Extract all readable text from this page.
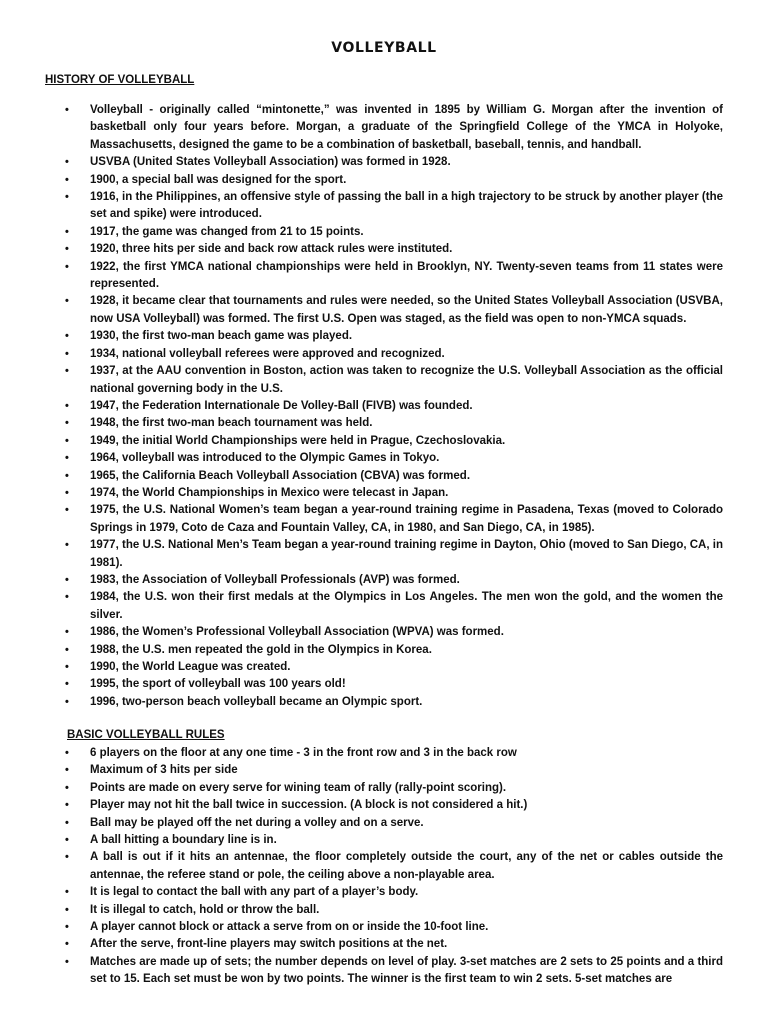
VOLLEYBALL
HISTORY OF VOLLEYBALL
• Volleyball - originally called “mintonette,” was invented in 1895 by William G. Morgan after the invention of basketball only four years before. Morgan, a graduate of the Springfield College of the YMCA in Holyoke, Massachusetts, designed the game to be a combination of basketball, baseball, tennis, and handball.
• USVBA (United States Volleyball Association) was formed in 1928.
• 1900, a special ball was designed for the sport.
• 1916, in the Philippines, an offensive style of passing the ball in a high trajectory to be struck by another player (the set and spike) were introduced.
• 1917, the game was changed from 21 to 15 points.
• 1920, three hits per side and back row attack rules were instituted.
• 1922, the first YMCA national championships were held in Brooklyn, NY. Twenty-seven teams from 11 states were represented.
• 1928, it became clear that tournaments and rules were needed, so the United States Volleyball Association (USVBA, now USA Volleyball) was formed. The first U.S. Open was staged, as the field was open to non-YMCA squads.
• 1930, the first two-man beach game was played.
• 1934, national volleyball referees were approved and recognized.
• 1937, at the AAU convention in Boston, action was taken to recognize the U.S. Volleyball Association as the official national governing body in the U.S.
• 1947, the Federation Internationale De Volley-Ball (FIVB) was founded.
• 1948, the first two-man beach tournament was held.
• 1949, the initial World Championships were held in Prague, Czechoslovakia.
• 1964, volleyball was introduced to the Olympic Games in Tokyo.
• 1965, the California Beach Volleyball Association (CBVA) was formed.
• 1974, the World Championships in Mexico were telecast in Japan.
• 1975, the U.S. National Women’s team began a year-round training regime in Pasadena, Texas (moved to Colorado Springs in 1979, Coto de Caza and Fountain Valley, CA, in 1980, and San Diego, CA, in 1985).
• 1977, the U.S. National Men’s Team began a year-round training regime in Dayton, Ohio (moved to San Diego, CA, in 1981).
• 1983, the Association of Volleyball Professionals (AVP) was formed.
• 1984, the U.S. won their first medals at the Olympics in Los Angeles. The men won the gold, and the women the silver.
• 1986, the Women’s Professional Volleyball Association (WPVA) was formed.
• 1988, the U.S. men repeated the gold in the Olympics in Korea.
• 1990, the World League was created.
• 1995, the sport of volleyball was 100 years old!
• 1996, two-person beach volleyball became an Olympic sport.
BASIC VOLLEYBALL RULES
• 6 players on the floor at any one time - 3 in the front row and 3 in the back row
• Maximum of 3 hits per side
• Points are made on every serve for wining team of rally (rally-point scoring).
• Player may not hit the ball twice in succession. (A block is not considered a hit.)
• Ball may be played off the net during a volley and on a serve.
• A ball hitting a boundary line is in.
• A ball is out if it hits an antennae, the floor completely outside the court, any of the net or cables outside the antennae, the referee stand or pole, the ceiling above a non-playable area.
• It is legal to contact the ball with any part of a player’s body.
• It is illegal to catch, hold or throw the ball.
• A player cannot block or attack a serve from on or inside the 10-foot line.
• After the serve, front-line players may switch positions at the net.
• Matches are made up of sets; the number depends on level of play. 3-set matches are 2 sets to 25 points and a third set to 15. Each set must be won by two points. The winner is the first team to win 2 sets. 5-set matches are
